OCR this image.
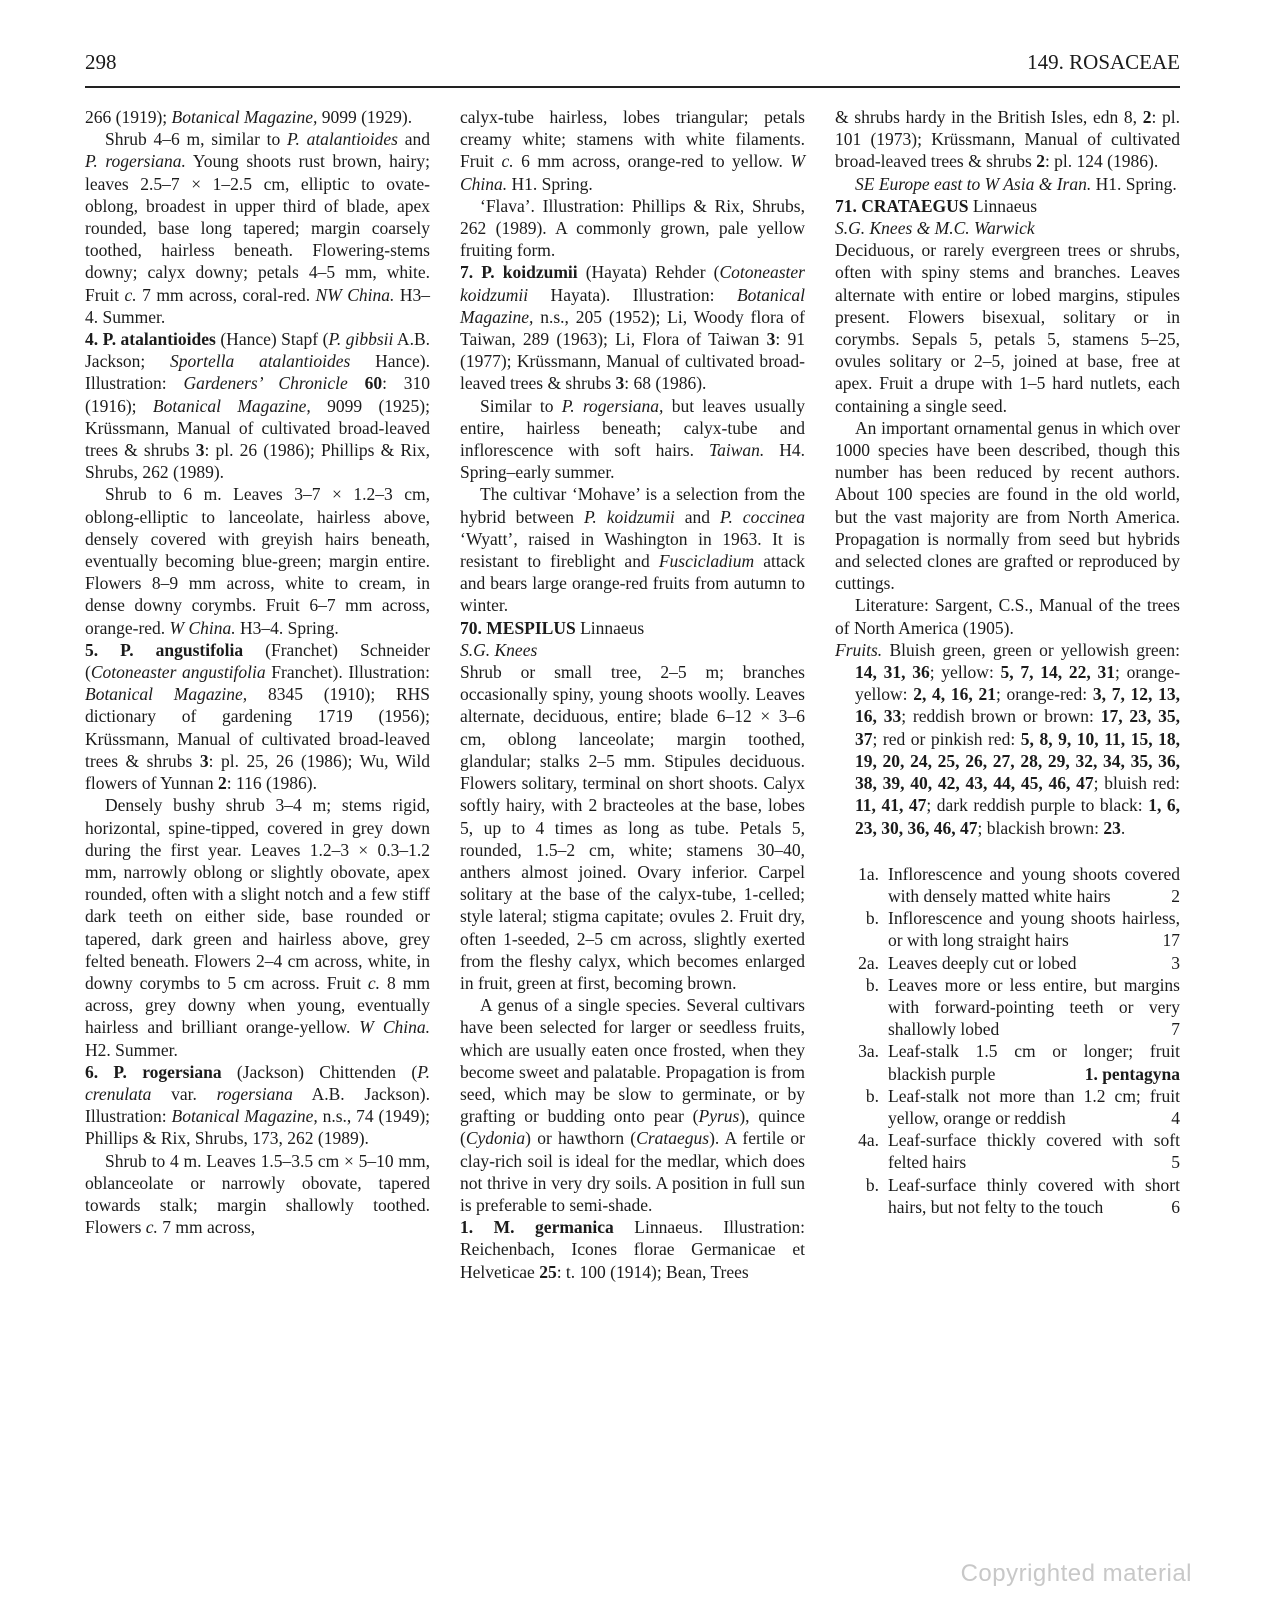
298	149. ROSACEAE

266 (1919); Botanical Magazine, 9099 (1929).

Shrub 4–6 m, similar to P. atalantioides and P. rogersiana. Young shoots rust brown, hairy; leaves 2.5–7 × 1–2.5 cm, elliptic to ovate-oblong, broadest in upper third of blade, apex rounded, base long tapered; margin coarsely toothed, hairless beneath. Flowering-stems downy; calyx downy; petals 4–5 mm, white. Fruit c. 7 mm across, coral-red. NW China. H3–4. Summer.

4. P. atalantioides (Hance) Stapf (P. gibbsii A.B. Jackson; Sportella atalantioides Hance). Illustration: Gardeners’ Chronicle 60: 310 (1916); Botanical Magazine, 9099 (1925); Krüssmann, Manual of cultivated broad-leaved trees & shrubs 3: pl. 26 (1986); Phillips & Rix, Shrubs, 262 (1989).

Shrub to 6 m. Leaves 3–7 × 1.2–3 cm, oblong-elliptic to lanceolate, hairless above, densely covered with greyish hairs beneath, eventually becoming blue-green; margin entire. Flowers 8–9 mm across, white to cream, in dense downy corymbs. Fruit 6–7 mm across, orange-red. W China. H3–4. Spring.

5. P. angustifolia (Franchet) Schneider (Cotoneaster angustifolia Franchet). Illustration: Botanical Magazine, 8345 (1910); RHS dictionary of gardening 1719 (1956); Krüssmann, Manual of cultivated broad-leaved trees & shrubs 3: pl. 25, 26 (1986); Wu, Wild flowers of Yunnan 2: 116 (1986).

Densely bushy shrub 3–4 m; stems rigid, horizontal, spine-tipped, covered in grey down during the first year. Leaves 1.2–3 × 0.3–1.2 mm, narrowly oblong or slightly obovate, apex rounded, often with a slight notch and a few stiff dark teeth on either side, base rounded or tapered, dark green and hairless above, grey felted beneath. Flowers 2–4 cm across, white, in downy corymbs to 5 cm across. Fruit c. 8 mm across, grey downy when young, eventually hairless and brilliant orange-yellow. W China. H2. Summer.

6. P. rogersiana (Jackson) Chittenden (P. crenulata var. rogersiana A.B. Jackson). Illustration: Botanical Magazine, n.s., 74 (1949); Phillips & Rix, Shrubs, 173, 262 (1989).

Shrub to 4 m. Leaves 1.5–3.5 cm × 5–10 mm, oblanceolate or narrowly obovate, tapered towards stalk; margin shallowly toothed. Flowers c. 7 mm across,

calyx-tube hairless, lobes triangular; petals creamy white; stamens with white filaments. Fruit c. 6 mm across, orange-red to yellow. W China. H1. Spring.

‘Flava’. Illustration: Phillips & Rix, Shrubs, 262 (1989). A commonly grown, pale yellow fruiting form.

7. P. koidzumii (Hayata) Rehder (Cotoneaster koidzumii Hayata). Illustration: Botanical Magazine, n.s., 205 (1952); Li, Woody flora of Taiwan, 289 (1963); Li, Flora of Taiwan 3: 91 (1977); Krüssmann, Manual of cultivated broad-leaved trees & shrubs 3: 68 (1986).

Similar to P. rogersiana, but leaves usually entire, hairless beneath; calyx-tube and inflorescence with soft hairs. Taiwan. H4. Spring–early summer.

The cultivar ‘Mohave’ is a selection from the hybrid between P. koidzumii and P. coccinea ‘Wyatt’, raised in Washington in 1963. It is resistant to fireblight and Fuscicladium attack and bears large orange-red fruits from autumn to winter.

70. MESPILUS Linnaeus

S.G. Knees

Shrub or small tree, 2–5 m; branches occasionally spiny, young shoots woolly. Leaves alternate, deciduous, entire; blade 6–12 × 3–6 cm, oblong lanceolate; margin toothed, glandular; stalks 2–5 mm. Stipules deciduous. Flowers solitary, terminal on short shoots. Calyx softly hairy, with 2 bracteoles at the base, lobes 5, up to 4 times as long as tube. Petals 5, rounded, 1.5–2 cm, white; stamens 30–40, anthers almost joined. Ovary inferior. Carpel solitary at the base of the calyx-tube, 1-celled; style lateral; stigma capitate; ovules 2. Fruit dry, often 1-seeded, 2–5 cm across, slightly exerted from the fleshy calyx, which becomes enlarged in fruit, green at first, becoming brown.

A genus of a single species. Several cultivars have been selected for larger or seedless fruits, which are usually eaten once frosted, when they become sweet and palatable. Propagation is from seed, which may be slow to germinate, or by grafting or budding onto pear (Pyrus), quince (Cydonia) or hawthorn (Crataegus). A fertile or clay-rich soil is ideal for the medlar, which does not thrive in very dry soils. A position in full sun is preferable to semi-shade.

1. M. germanica Linnaeus. Illustration: Reichenbach, Icones florae Germanicae et Helveticae 25: t. 100 (1914); Bean, Trees

& shrubs hardy in the British Isles, edn 8, 2: pl. 101 (1973); Krüssmann, Manual of cultivated broad-leaved trees & shrubs 2: pl. 124 (1986).

SE Europe east to W Asia & Iran. H1. Spring.

71. CRATAEGUS Linnaeus

S.G. Knees & M.C. Warwick

Deciduous, or rarely evergreen trees or shrubs, often with spiny stems and branches. Leaves alternate with entire or lobed margins, stipules present. Flowers bisexual, solitary or in corymbs. Sepals 5, petals 5, stamens 5–25, ovules solitary or 2–5, joined at base, free at apex. Fruit a drupe with 1–5 hard nutlets, each containing a single seed.

An important ornamental genus in which over 1000 species have been described, though this number has been reduced by recent authors. About 100 species are found in the old world, but the vast majority are from North America. Propagation is normally from seed but hybrids and selected clones are grafted or reproduced by cuttings.

Literature: Sargent, C.S., Manual of the trees of North America (1905).

Fruits. Bluish green, green or yellowish green: 14, 31, 36; yellow: 5, 7, 14, 22, 31; orange-yellow: 2, 4, 16, 21; orange-red: 3, 7, 12, 13, 16, 33; reddish brown or brown: 17, 23, 35, 37; red or pinkish red: 5, 8, 9, 10, 11, 15, 18, 19, 20, 24, 25, 26, 27, 28, 29, 32, 34, 35, 36, 38, 39, 40, 42, 43, 44, 45, 46, 47; bluish red: 11, 41, 47; dark reddish purple to black: 1, 6, 23, 30, 36, 46, 47; blackish brown: 23.

1a. Inflorescence and young shoots covered with densely matted white hairs	2

b. Inflorescence and young shoots hairless, or with long straight hairs	17

2a. Leaves deeply cut or lobed	3

b. Leaves more or less entire, but margins with forward-pointing teeth or very shallowly lobed	7

3a. Leaf-stalk 1.5 cm or longer; fruit blackish purple	1. pentagyna

b. Leaf-stalk not more than 1.2 cm; fruit yellow, orange or reddish	4

4a. Leaf-surface thickly covered with soft felted hairs	5

b. Leaf-surface thinly covered with short hairs, but not felty to the touch	6

Copyrighted material
